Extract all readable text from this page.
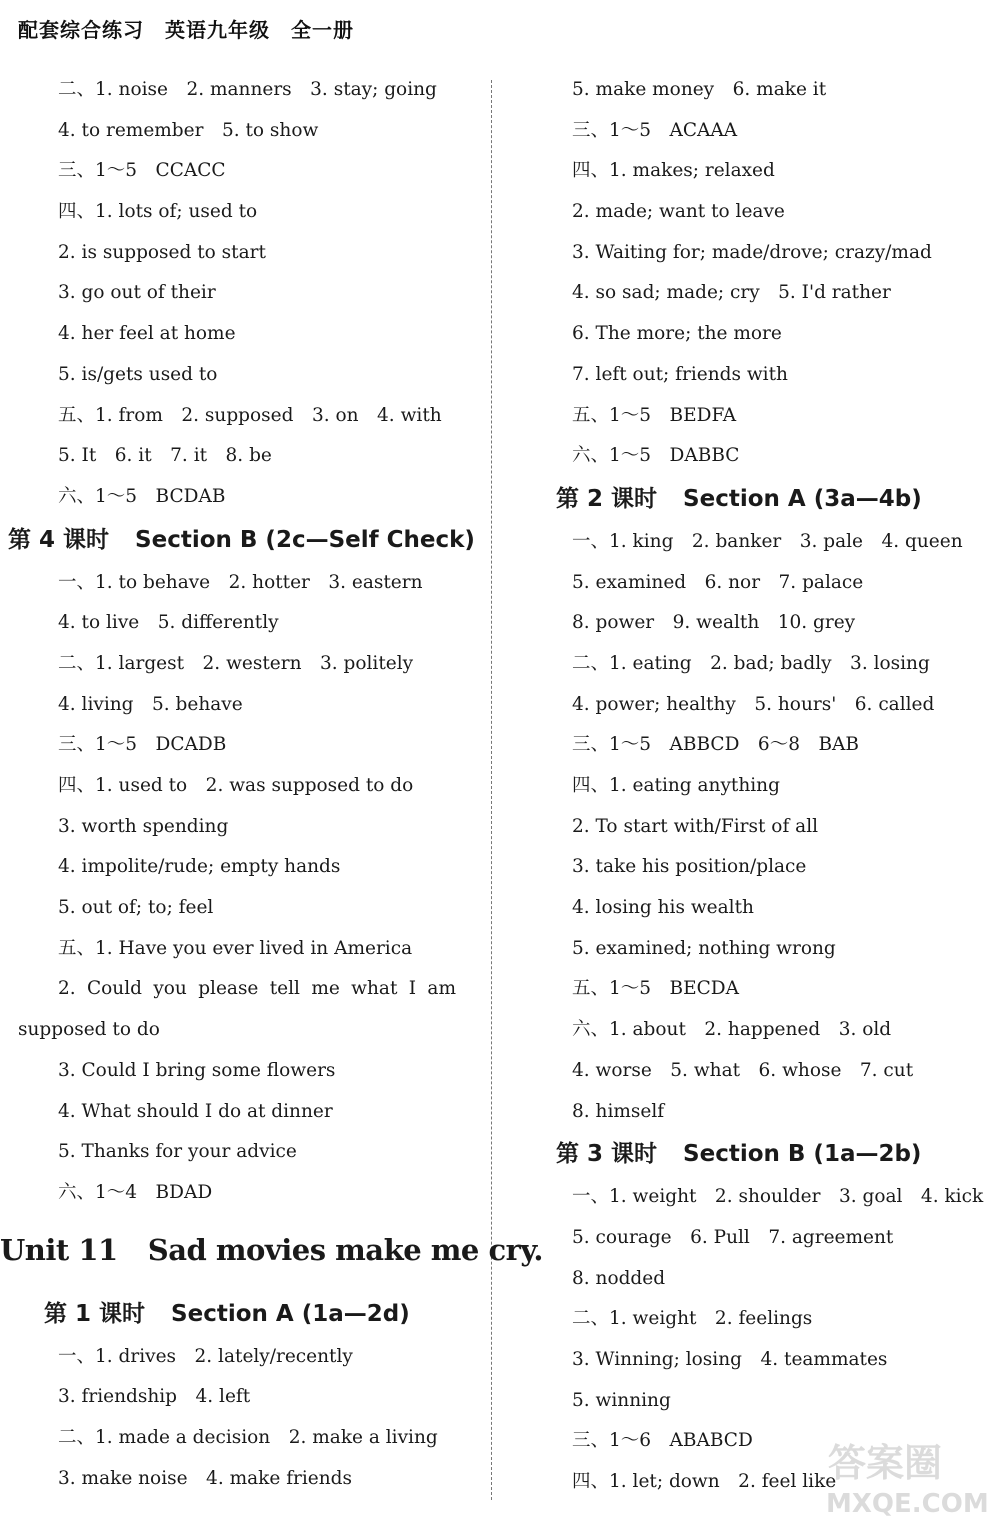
配套综合练习　英语九年级　全一册
二、1. noise　2. manners　3. stay; going
4. to remember　5. to show
三、1～5　CCACC
四、1. lots of; used to
2. is supposed to start
3. go out of their
4. her feel at home
5. is/gets used to
五、1. from　2. supposed　3. on　4. with
5. It　6. it　7. it　8. be
六、1～5　BCDAB
第 4 课时 Section B (2c—Self Check)
一、1. to behave　2. hotter　3. eastern
4. to live　5. differently
二、1. largest　2. western　3. politely
4. living　5. behave
三、1～5　DCADB
四、1. used to　2. was supposed to do
3. worth spending
4. impolite/rude; empty hands
5. out of; to; feel
五、1. Have you ever lived in America
2. Could you please tell me what I am
supposed to do
3. Could I bring some flowers
4. What should I do at dinner
5. Thanks for your advice
六、1～4　BDAD
Unit 11 Sad movies make me cry.
第 1 课时 Section A (1a—2d)
一、1. drives　2. lately/recently
3. friendship　4. left
二、1. made a decision　2. make a living
3. make noise　4. make friends
5. make money　6. make it
三、1～5　ACAAA
四、1. makes; relaxed
2. made; want to leave
3. Waiting for; made/drove; crazy/mad
4. so sad; made; cry　5. I'd rather
6. The more; the more
7. left out; friends with
五、1～5　BEDFA
六、1～5　DABBC
第 2 课时 Section A (3a—4b)
一、1. king　2. banker　3. pale　4. queen
5. examined　6. nor　7. palace
8. power　9. wealth　10. grey
二、1. eating　2. bad; badly　3. losing
4. power; healthy　5. hours'　6. called
三、1～5　ABBCD　6～8　BAB
四、1. eating anything
2. To start with/First of all
3. take his position/place
4. losing his wealth
5. examined; nothing wrong
五、1～5　BECDA
六、1. about　2. happened　3. old
4. worse　5. what　6. whose　7. cut
8. himself
第 3 课时 Section B (1a—2b)
一、1. weight　2. shoulder　3. goal　4. kick
5. courage　6. Pull　7. agreement
8. nodded
二、1. weight　2. feelings
3. Winning; losing　4. teammates
5. winning
三、1～6　ABABCD
四、1. let; down　2. feel like
答案圈
MXQE.COM
